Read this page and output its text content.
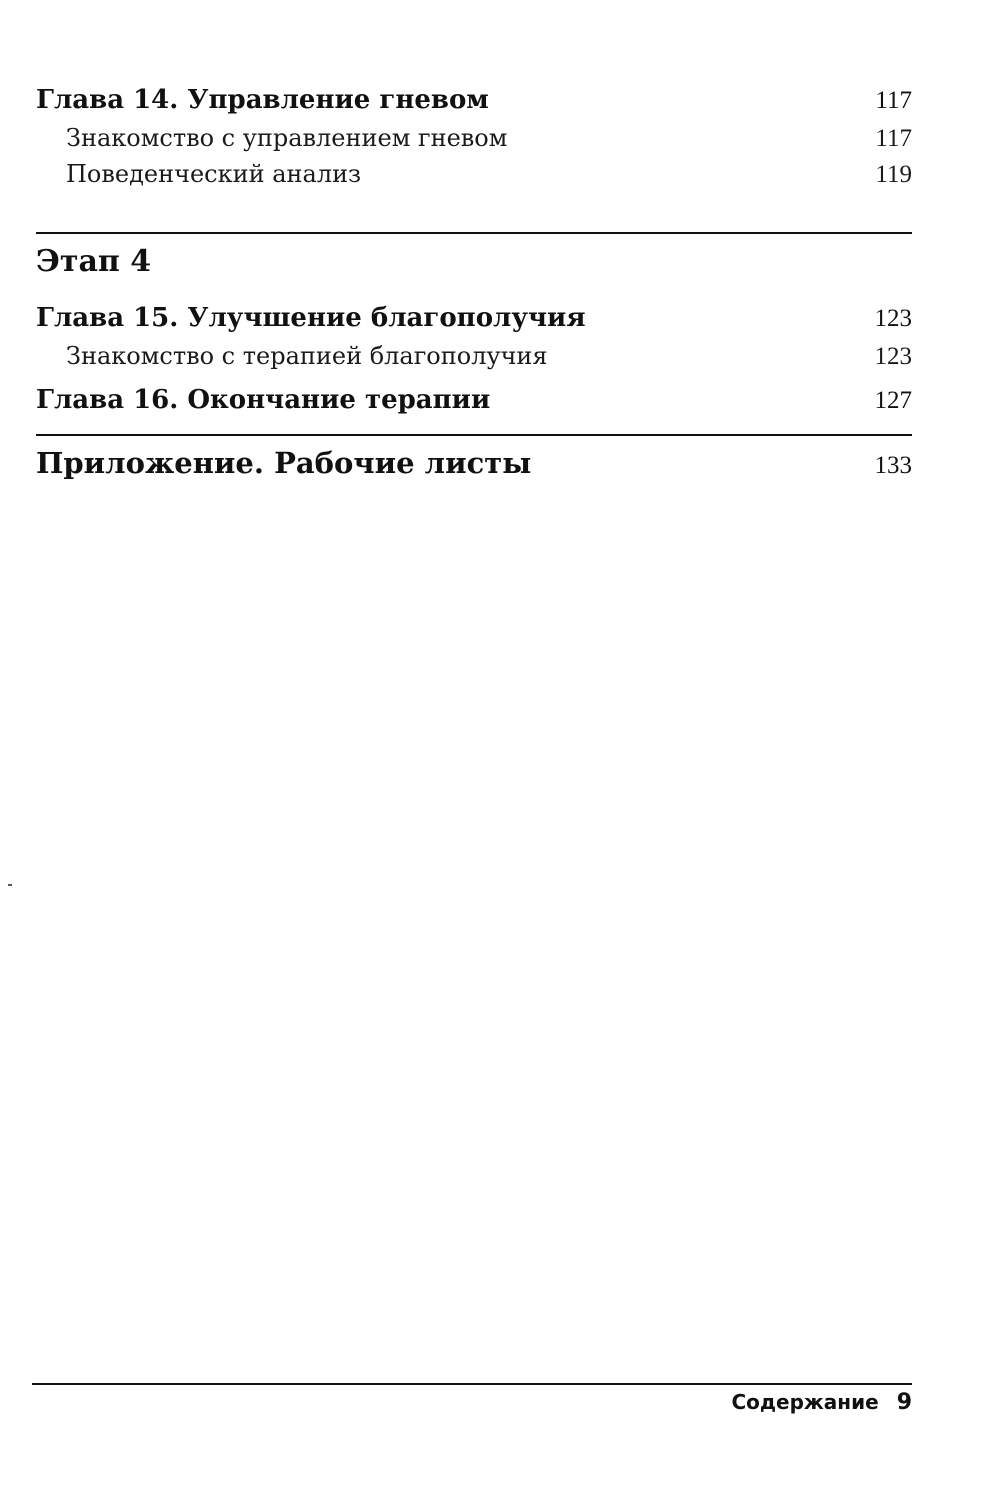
Глава 14. Управление гневом	117
Знакомство с управлением гневом	117
Поведенческий анализ	119
Этап 4
Глава 15. Улучшение благополучия	123
Знакомство с терапией благополучия	123
Глава 16. Окончание терапии	127
Приложение. Рабочие листы	133
Содержание 9
